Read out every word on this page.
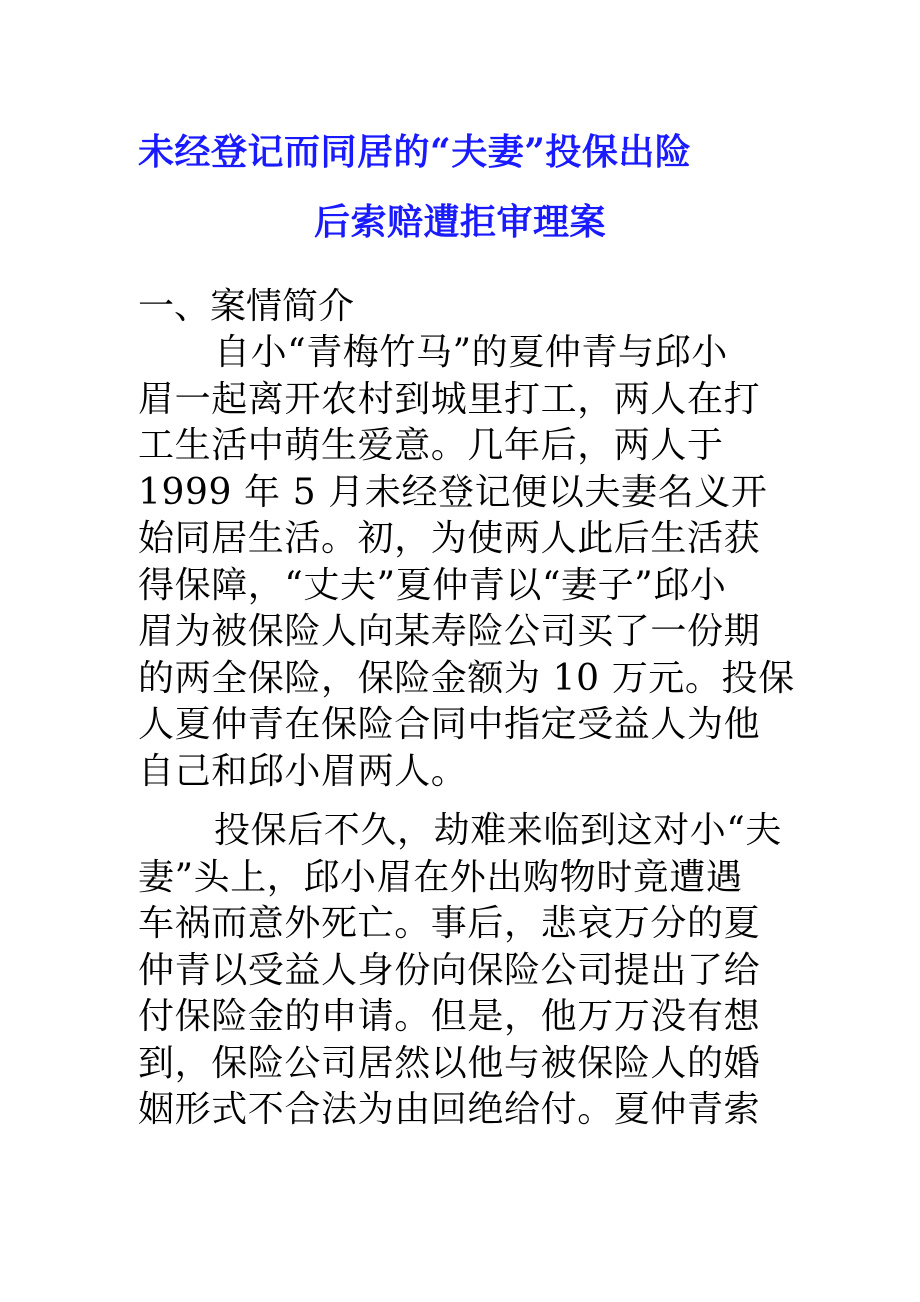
未经登记而同居的“夫妻”投保出险
后索赔遭拒审理案
一、案情简介
自小“青梅竹马”的夏仲青与邱小
眉一起离开农村到城里打工，两人在打
工生活中萌生爱意。几年后，两人于
1999 年 5 月未经登记便以夫妻名义开
始同居生活。初，为使两人此后生活获
得保障，“丈夫”夏仲青以“妻子”邱小
眉为被保险人向某寿险公司买了一份期
的两全保险，保险金额为 10 万元。投保
人夏仲青在保险合同中指定受益人为他
自己和邱小眉两人。
投保后不久，劫难来临到这对小“夫
妻”头上，邱小眉在外出购物时竟遭遇
车祸而意外死亡。事后，悲哀万分的夏
仲青以受益人身份向保险公司提出了给
付保险金的申请。但是，他万万没有想
到，保险公司居然以他与被保险人的婚
姻形式不合法为由回绝给付。夏仲青索
